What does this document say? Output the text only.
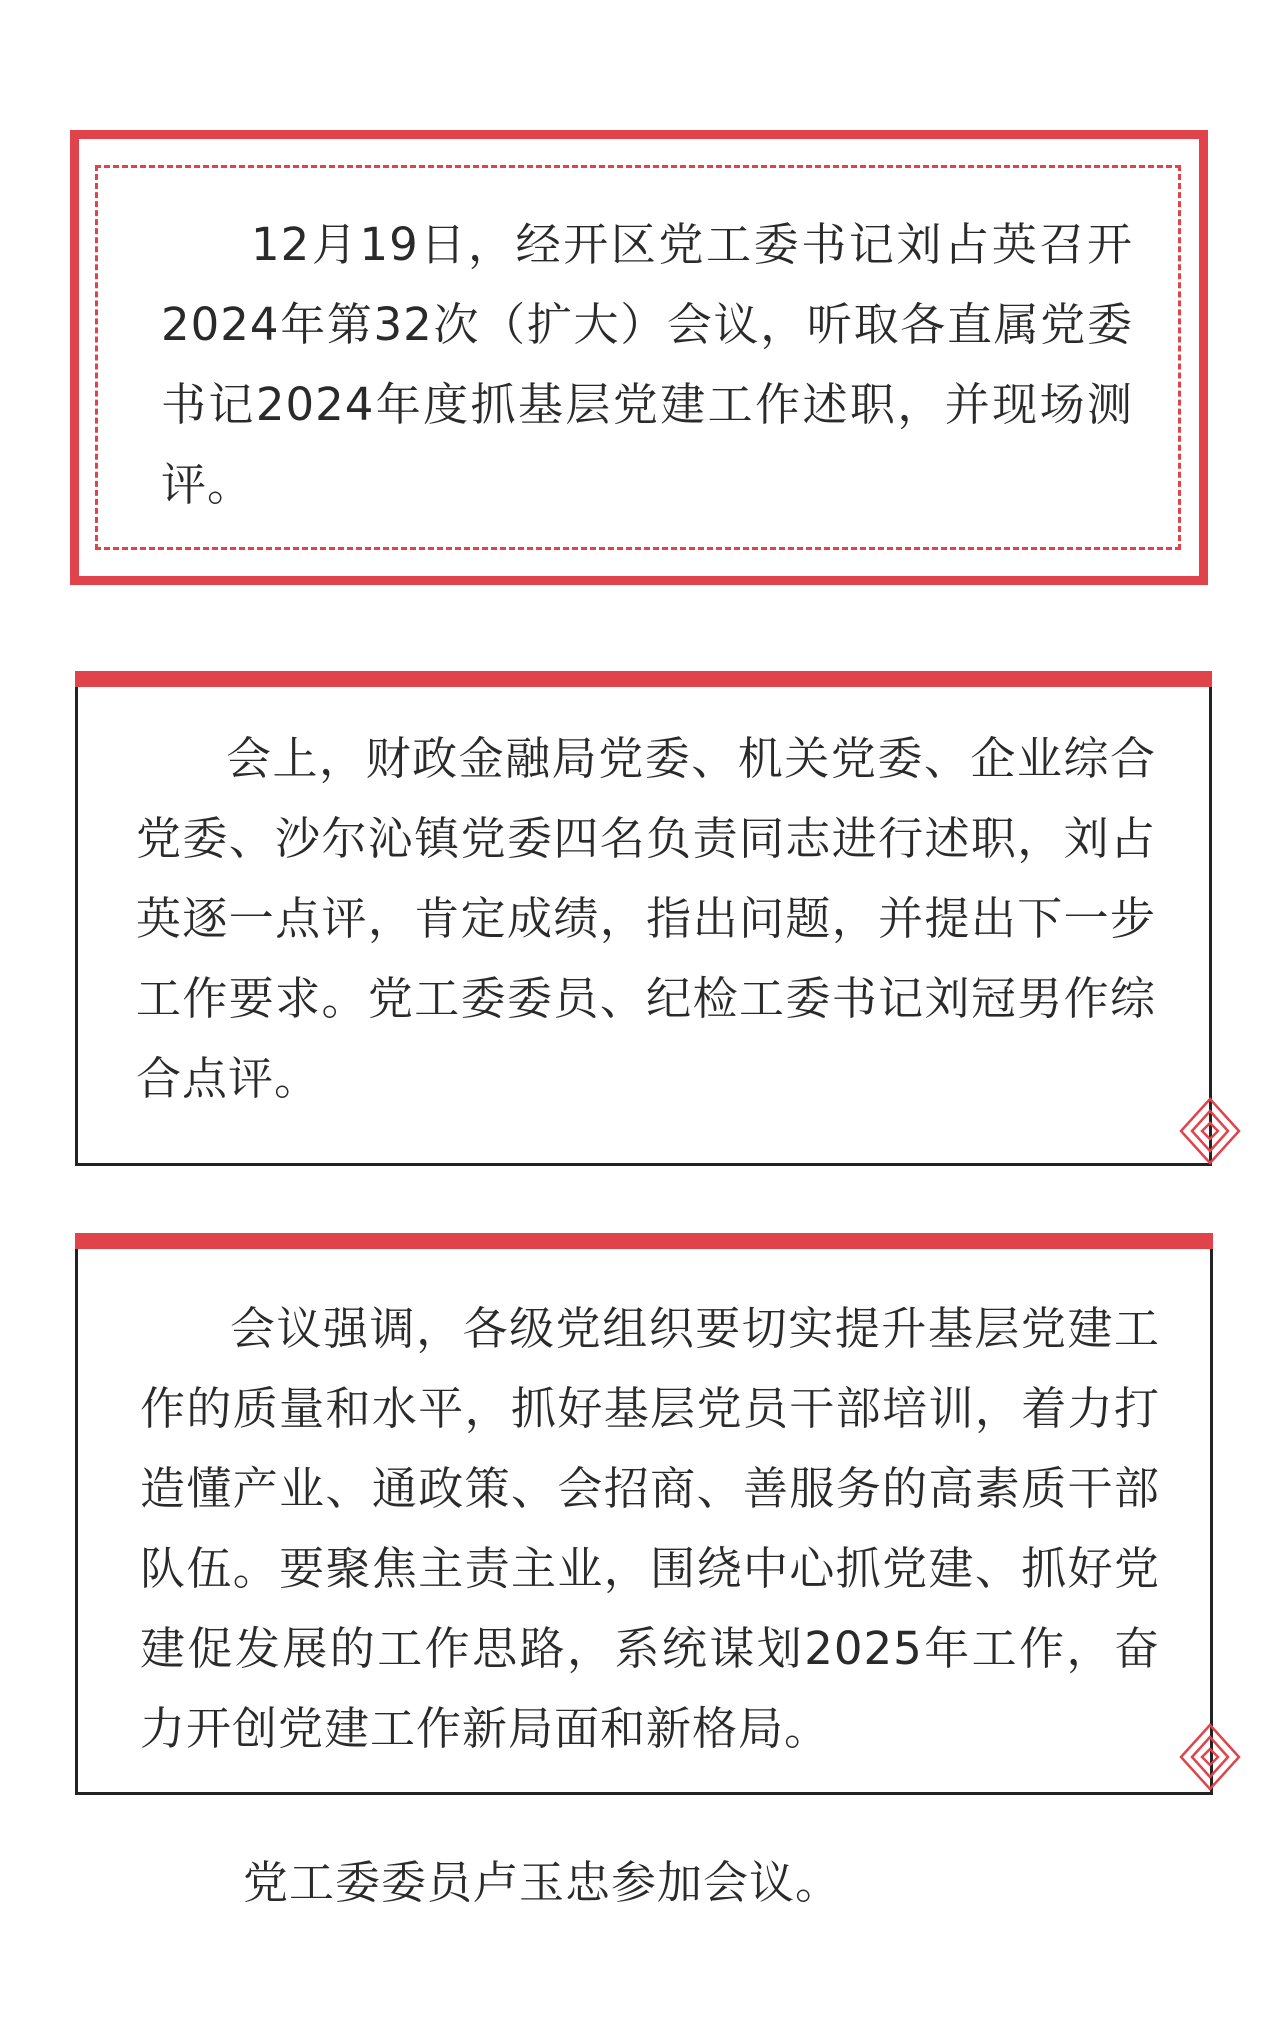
12月19日，经开区党工委书记刘占英召开2024年第32次（扩大）会议，听取各直属党委书记2024年度抓基层党建工作述职，并现场测评。

会上，财政金融局党委、机关党委、企业综合党委、沙尔沁镇党委四名负责同志进行述职，刘占英逐一点评，肯定成绩，指出问题，并提出下一步工作要求。党工委委员、纪检工委书记刘冠男作综合点评。

会议强调，各级党组织要切实提升基层党建工作的质量和水平，抓好基层党员干部培训，着力打造懂产业、通政策、会招商、善服务的高素质干部队伍。要聚焦主责主业，围绕中心抓党建、抓好党建促发展的工作思路，系统谋划2025年工作，奋力开创党建工作新局面和新格局。

党工委委员卢玉忠参加会议。
